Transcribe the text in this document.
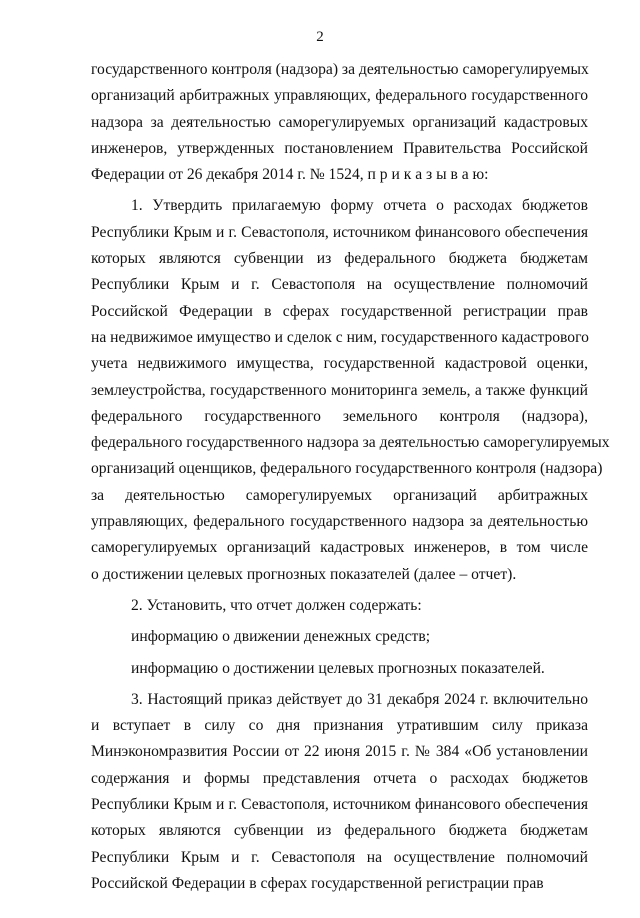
2
государственного контроля (надзора) за деятельностью саморегулируемых
организаций арбитражных управляющих, федерального государственного
надзора за деятельностью саморегулируемых организаций кадастровых
инженеров, утвержденных постановлением Правительства Российской
Федерации от 26 декабря 2014 г. № 1524, п р и к а з ы в а ю:
1. Утвердить прилагаемую форму отчета о расходах бюджетов
Республики Крым и г. Севастополя, источником финансового обеспечения
которых являются субвенции из федерального бюджета бюджетам
Республики Крым и г. Севастополя на осуществление полномочий
Российской Федерации в сферах государственной регистрации прав
на недвижимое имущество и сделок с ним, государственного кадастрового
учета недвижимого имущества, государственной кадастровой оценки,
землеустройства, государственного мониторинга земель, а также функций
федерального государственного земельного контроля (надзора),
федерального государственного надзора за деятельностью саморегулируемых
организаций оценщиков, федерального государственного контроля (надзора)
за деятельностью саморегулируемых организаций арбитражных
управляющих, федерального государственного надзора за деятельностью
саморегулируемых организаций кадастровых инженеров, в том числе
о достижении целевых прогнозных показателей (далее – отчет).
2. Установить, что отчет должен содержать:
информацию о движении денежных средств;
информацию о достижении целевых прогнозных показателей.
3. Настоящий приказ действует до 31 декабря 2024 г. включительно
и вступает в силу со дня признания утратившим силу приказа
Минэкономразвития России от 22 июня 2015 г. № 384 «Об установлении
содержания и формы представления отчета о расходах бюджетов
Республики Крым и г. Севастополя, источником финансового обеспечения
которых являются субвенции из федерального бюджета бюджетам
Республики Крым и г. Севастополя на осуществление полномочий
Российской Федерации в сферах государственной регистрации прав
